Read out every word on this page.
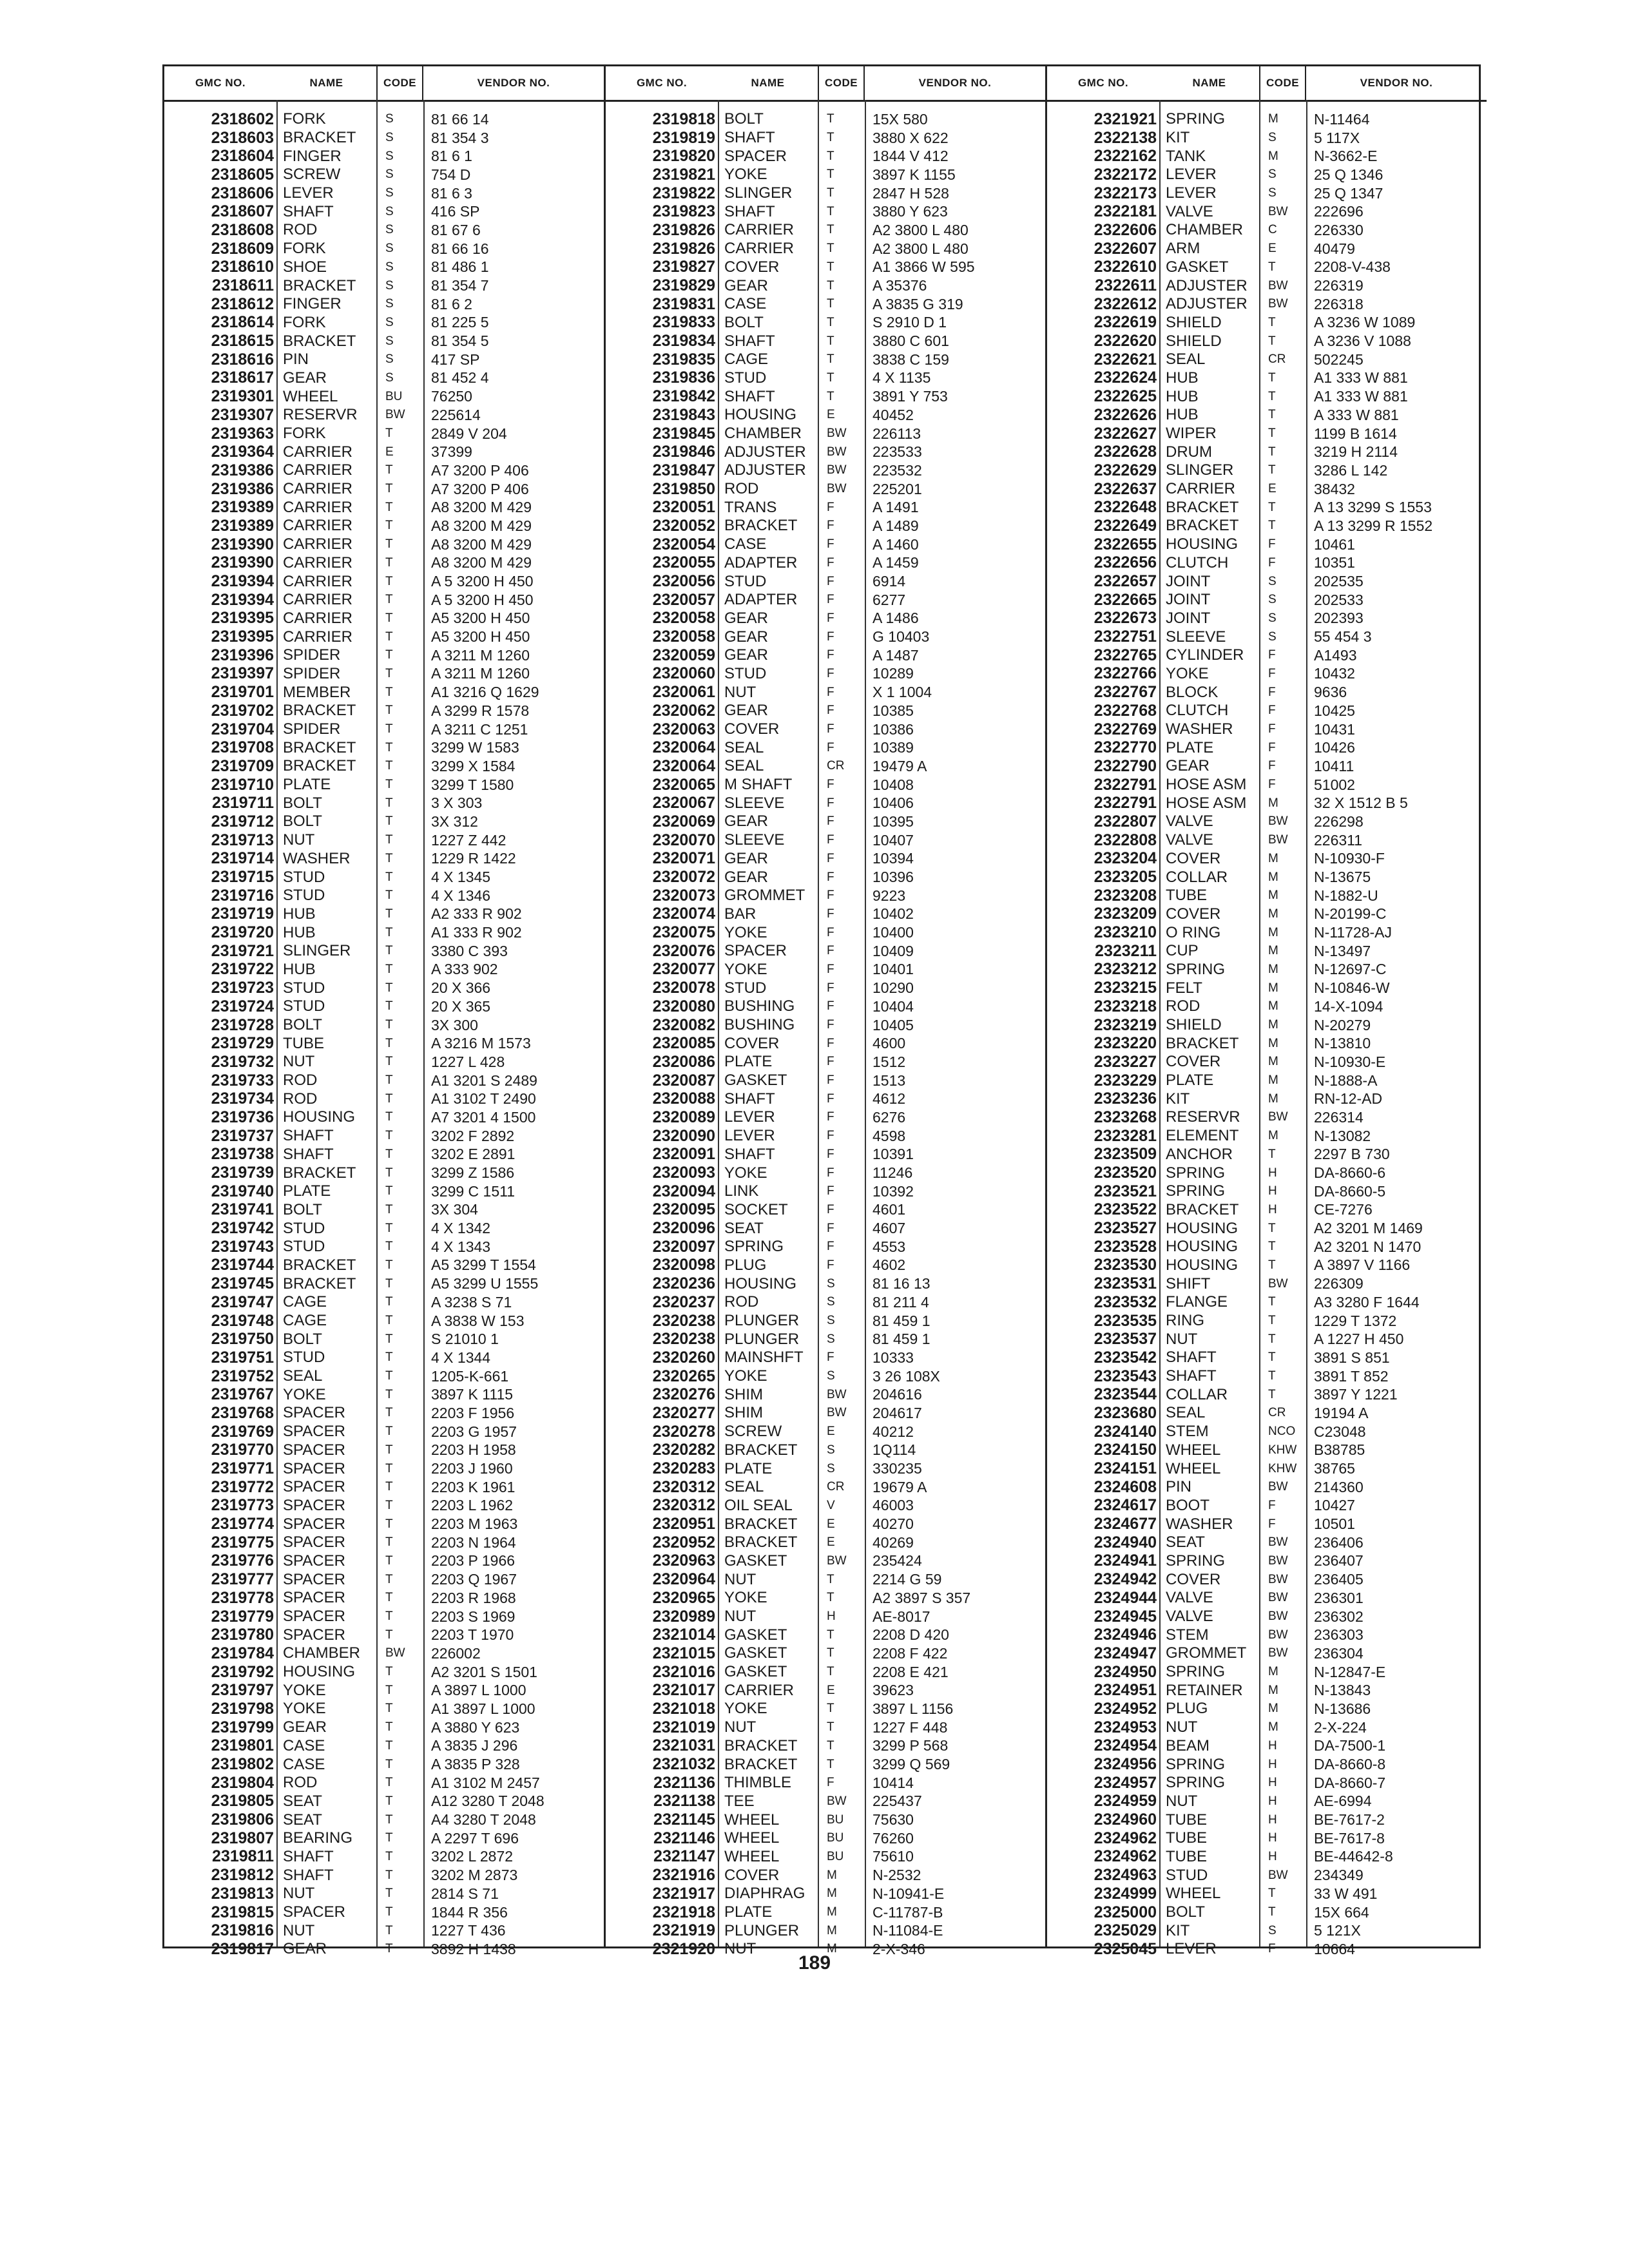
GMC NO.	NAME	CODE	VENDOR NO.
2318602 FORK	S	81 66 14
2318603 BRACKET	S	81 354 3
2318604 FINGER	S	81 6 1
2318605 SCREW	S	754 D
2318606 LEVER	S	81 6 3
2318607 SHAFT	S	416 SP
2318608 ROD	S	81 67 6
2318609 FORK	S	81 66 16
2318610 SHOE	S	81 486 1
2318611 BRACKET	S	81 354 7
2318612 FINGER	S	81 6 2
2318614 FORK	S	81 225 5
2318615 BRACKET	S	81 354 5
2318616 PIN	S	417 SP
2318617 GEAR	S	81 452 4
2319301 WHEEL	BU	76250
2319307 RESERVR	BW	225614
2319363 FORK	T	2849 V 204
2319364 CARRIER	E	37399
2319386 CARRIER	T	A7 3200 P 406
2319386 CARRIER	T	A7 3200 P 406
2319389 CARRIER	T	A8 3200 M 429
2319389 CARRIER	T	A8 3200 M 429
2319390 CARRIER	T	A8 3200 M 429
2319390 CARRIER	T	A8 3200 M 429
2319394 CARRIER	T	A 5 3200 H 450
2319394 CARRIER	T	A 5 3200 H 450
2319395 CARRIER	T	A5 3200 H 450
2319395 CARRIER	T	A5 3200 H 450
2319396 SPIDER	T	A 3211 M 1260
2319397 SPIDER	T	A 3211 M 1260
2319701 MEMBER	T	A1 3216 Q 1629
2319702 BRACKET	T	A 3299 R 1578
2319704 SPIDER	T	A 3211 C 1251
2319708 BRACKET	T	3299 W 1583
2319709 BRACKET	T	3299 X 1584
2319710 PLATE	T	3299 T 1580
2319711 BOLT	T	3 X 303
2319712 BOLT	T	3X 312
2319713 NUT	T	1227 Z 442
2319714 WASHER	T	1229 R 1422
2319715 STUD	T	4 X 1345
2319716 STUD	T	4 X 1346
2319719 HUB	T	A2 333 R 902
2319720 HUB	T	A1 333 R 902
2319721 SLINGER	T	3380 C 393
2319722 HUB	T	A 333 902
2319723 STUD	T	20 X 366
2319724 STUD	T	20 X 365
2319728 BOLT	T	3X 300
2319729 TUBE	T	A 3216 M 1573
2319732 NUT	T	1227 L 428
2319733 ROD	T	A1 3201 S 2489
2319734 ROD	T	A1 3102 T 2490
2319736 HOUSING	T	A7 3201 4 1500
2319737 SHAFT	T	3202 F 2892
2319738 SHAFT	T	3202 E 2891
2319739 BRACKET	T	3299 Z 1586
2319740 PLATE	T	3299 C 1511
2319741 BOLT	T	3X 304
2319742 STUD	T	4 X 1342
2319743 STUD	T	4 X 1343
2319744 BRACKET	T	A5 3299 T 1554
2319745 BRACKET	T	A5 3299 U 1555
2319747 CAGE	T	A 3238 S 71
2319748 CAGE	T	A 3838 W 153
2319750 BOLT	T	S 21010 1
2319751 STUD	T	4 X 1344
2319752 SEAL	T	1205-K-661
2319767 YOKE	T	3897 K 1115
2319768 SPACER	T	2203 F 1956
2319769 SPACER	T	2203 G 1957
2319770 SPACER	T	2203 H 1958
2319771 SPACER	T	2203 J 1960
2319772 SPACER	T	2203 K 1961
2319773 SPACER	T	2203 L 1962
2319774 SPACER	T	2203 M 1963
2319775 SPACER	T	2203 N 1964
2319776 SPACER	T	2203 P 1966
2319777 SPACER	T	2203 Q 1967
2319778 SPACER	T	2203 R 1968
2319779 SPACER	T	2203 S 1969
2319780 SPACER	T	2203 T 1970
2319784 CHAMBER	BW	226002
2319792 HOUSING	T	A2 3201 S 1501
2319797 YOKE	T	A 3897 L 1000
2319798 YOKE	T	A1 3897 L 1000
2319799 GEAR	T	A 3880 Y 623
2319801 CASE	T	A 3835 J 296
2319802 CASE	T	A 3835 P 328
2319804 ROD	T	A1 3102 M 2457
2319805 SEAT	T	A12 3280 T 2048
2319806 SEAT	T	A4 3280 T 2048
2319807 BEARING	T	A 2297 T 696
2319811 SHAFT	T	3202 L 2872
2319812 SHAFT	T	3202 M 2873
2319813 NUT	T	2814 S 71
2319815 SPACER	T	1844 R 356
2319816 NUT	T	1227 T 436
2319817 GEAR	T	3892 H 1438
GMC NO.	NAME	CODE	VENDOR NO.
2319818 BOLT	T	15X 580
2319819 SHAFT	T	3880 X 622
2319820 SPACER	T	1844 V 412
2319821 YOKE	T	3897 K 1155
2319822 SLINGER	T	2847 H 528
2319823 SHAFT	T	3880 Y 623
2319826 CARRIER	T	A2 3800 L 480
2319826 CARRIER	T	A2 3800 L 480
2319827 COVER	T	A1 3866 W 595
2319829 GEAR	T	A 35376
2319831 CASE	T	A 3835 G 319
2319833 BOLT	T	S 2910 D 1
2319834 SHAFT	T	3880 C 601
2319835 CAGE	T	3838 C 159
2319836 STUD	T	4 X 1135
2319842 SHAFT	T	3891 Y 753
2319843 HOUSING	E	40452
2319845 CHAMBER	BW	226113
2319846 ADJUSTER	BW	223533
2319847 ADJUSTER	BW	223532
2319850 ROD	BW	225201
2320051 TRANS	F	A 1491
2320052 BRACKET	F	A 1489
2320054 CASE	F	A 1460
2320055 ADAPTER	F	A 1459
2320056 STUD	F	6914
2320057 ADAPTER	F	6277
2320058 GEAR	F	A 1486
2320058 GEAR	F	G 10403
2320059 GEAR	F	A 1487
2320060 STUD	F	10289
2320061 NUT	F	X 1 1004
2320062 GEAR	F	10385
2320063 COVER	F	10386
2320064 SEAL	F	10389
2320064 SEAL	CR	19479 A
2320065 M SHAFT	F	10408
2320067 SLEEVE	F	10406
2320069 GEAR	F	10395
2320070 SLEEVE	F	10407
2320071 GEAR	F	10394
2320072 GEAR	F	10396
2320073 GROMMET	F	9223
2320074 BAR	F	10402
2320075 YOKE	F	10400
2320076 SPACER	F	10409
2320077 YOKE	F	10401
2320078 STUD	F	10290
2320080 BUSHING	F	10404
2320082 BUSHING	F	10405
2320085 COVER	F	4600
2320086 PLATE	F	1512
2320087 GASKET	F	1513
2320088 SHAFT	F	4612
2320089 LEVER	F	6276
2320090 LEVER	F	4598
2320091 SHAFT	F	10391
2320093 YOKE	F	11246
2320094 LINK	F	10392
2320095 SOCKET	F	4601
2320096 SEAT	F	4607
2320097 SPRING	F	4553
2320098 PLUG	F	4602
2320236 HOUSING	S	81 16 13
2320237 ROD	S	81 211 4
2320238 PLUNGER	S	81 459 1
2320238 PLUNGER	S	81 459 1
2320260 MAINSHFT	F	10333
2320265 YOKE	S	3 26 108X
2320276 SHIM	BW	204616
2320277 SHIM	BW	204617
2320278 SCREW	E	40212
2320282 BRACKET	S	1Q114
2320283 PLATE	S	330235
2320312 SEAL	CR	19679 A
2320312 OIL SEAL	V	46003
2320951 BRACKET	E	40270
2320952 BRACKET	E	40269
2320963 GASKET	BW	235424
2320964 NUT	T	2214 G 59
2320965 YOKE	T	A2 3897 S 357
2320989 NUT	H	AE-8017
2321014 GASKET	T	2208 D 420
2321015 GASKET	T	2208 F 422
2321016 GASKET	T	2208 E 421
2321017 CARRIER	E	39623
2321018 YOKE	T	3897 L 1156
2321019 NUT	T	1227 F 448
2321031 BRACKET	T	3299 P 568
2321032 BRACKET	T	3299 Q 569
2321136 THIMBLE	F	10414
2321138 TEE	BW	225437
2321145 WHEEL	BU	75630
2321146 WHEEL	BU	76260
2321147 WHEEL	BU	75610
2321916 COVER	M	N-2532
2321917 DIAPHRAG	M	N-10941-E
2321918 PLATE	M	C-11787-B
2321919 PLUNGER	M	N-11084-E
2321920 NUT	M	2-X-346
GMC NO.	NAME	CODE	VENDOR NO.
2321921 SPRING	M	N-11464
2322138 KIT	S	5 117X
2322162 TANK	M	N-3662-E
2322172 LEVER	S	25 Q 1346
2322173 LEVER	S	25 Q 1347
2322181 VALVE	BW	222696
2322606 CHAMBER	C	226330
2322607 ARM	E	40479
2322610 GASKET	T	2208-V-438
2322611 ADJUSTER	BW	226319
2322612 ADJUSTER	BW	226318
2322619 SHIELD	T	A 3236 W 1089
2322620 SHIELD	T	A 3236 V 1088
2322621 SEAL	CR	502245
2322624 HUB	T	A1 333 W 881
2322625 HUB	T	A1 333 W 881
2322626 HUB	T	A 333 W 881
2322627 WIPER	T	1199 B 1614
2322628 DRUM	T	3219 H 2114
2322629 SLINGER	T	3286 L 142
2322637 CARRIER	E	38432
2322648 BRACKET	T	A 13 3299 S 1553
2322649 BRACKET	T	A 13 3299 R 1552
2322655 HOUSING	F	10461
2322656 CLUTCH	F	10351
2322657 JOINT	S	202535
2322665 JOINT	S	202533
2322673 JOINT	S	202393
2322751 SLEEVE	S	55 454 3
2322765 CYLINDER	F	A1493
2322766 YOKE	F	10432
2322767 BLOCK	F	9636
2322768 CLUTCH	F	10425
2322769 WASHER	F	10431
2322770 PLATE	F	10426
2322790 GEAR	F	10411
2322791 HOSE ASM	F	51002
2322791 HOSE ASM	M	32 X 1512 B 5
2322807 VALVE	BW	226298
2322808 VALVE	BW	226311
2323204 COVER	M	N-10930-F
2323205 COLLAR	M	N-13675
2323208 TUBE	M	N-1882-U
2323209 COVER	M	N-20199-C
2323210 O RING	M	N-11728-AJ
2323211 CUP	M	N-13497
2323212 SPRING	M	N-12697-C
2323215 FELT	M	N-10846-W
2323218 ROD	M	14-X-1094
2323219 SHIELD	M	N-20279
2323220 BRACKET	M	N-13810
2323227 COVER	M	N-10930-E
2323229 PLATE	M	N-1888-A
2323236 KIT	M	RN-12-AD
2323268 RESERVR	BW	226314
2323281 ELEMENT	M	N-13082
2323509 ANCHOR	T	2297 B 730
2323520 SPRING	H	DA-8660-6
2323521 SPRING	H	DA-8660-5
2323522 BRACKET	H	CE-7276
2323527 HOUSING	T	A2 3201 M 1469
2323528 HOUSING	T	A2 3201 N 1470
2323530 HOUSING	T	A 3897 V 1166
2323531 SHIFT	BW	226309
2323532 FLANGE	T	A3 3280 F 1644
2323535 RING	T	1229 T 1372
2323537 NUT	T	A 1227 H 450
2323542 SHAFT	T	3891 S 851
2323543 SHAFT	T	3891 T 852
2323544 COLLAR	T	3897 Y 1221
2323680 SEAL	CR	19194 A
2324140 STEM	NCO	C23048
2324150 WHEEL	KHW	B38785
2324151 WHEEL	KHW	38765
2324608 PIN	BW	214360
2324617 BOOT	F	10427
2324677 WASHER	F	10501
2324940 SEAT	BW	236406
2324941 SPRING	BW	236407
2324942 COVER	BW	236405
2324944 VALVE	BW	236301
2324945 VALVE	BW	236302
2324946 STEM	BW	236303
2324947 GROMMET	BW	236304
2324950 SPRING	M	N-12847-E
2324951 RETAINER	M	N-13843
2324952 PLUG	M	N-13686
2324953 NUT	M	2-X-224
2324954 BEAM	H	DA-7500-1
2324956 SPRING	H	DA-8660-8
2324957 SPRING	H	DA-8660-7
2324959 NUT	H	AE-6994
2324960 TUBE	H	BE-7617-2
2324962 TUBE	H	BE-7617-8
2324962 TUBE	H	BE-44642-8
2324963 STUD	BW	234349
2324999 WHEEL	T	33 W 491
2325000 BOLT	T	15X 664
2325029 KIT	S	5 121X
2325045 LEVER	F	10664
189
